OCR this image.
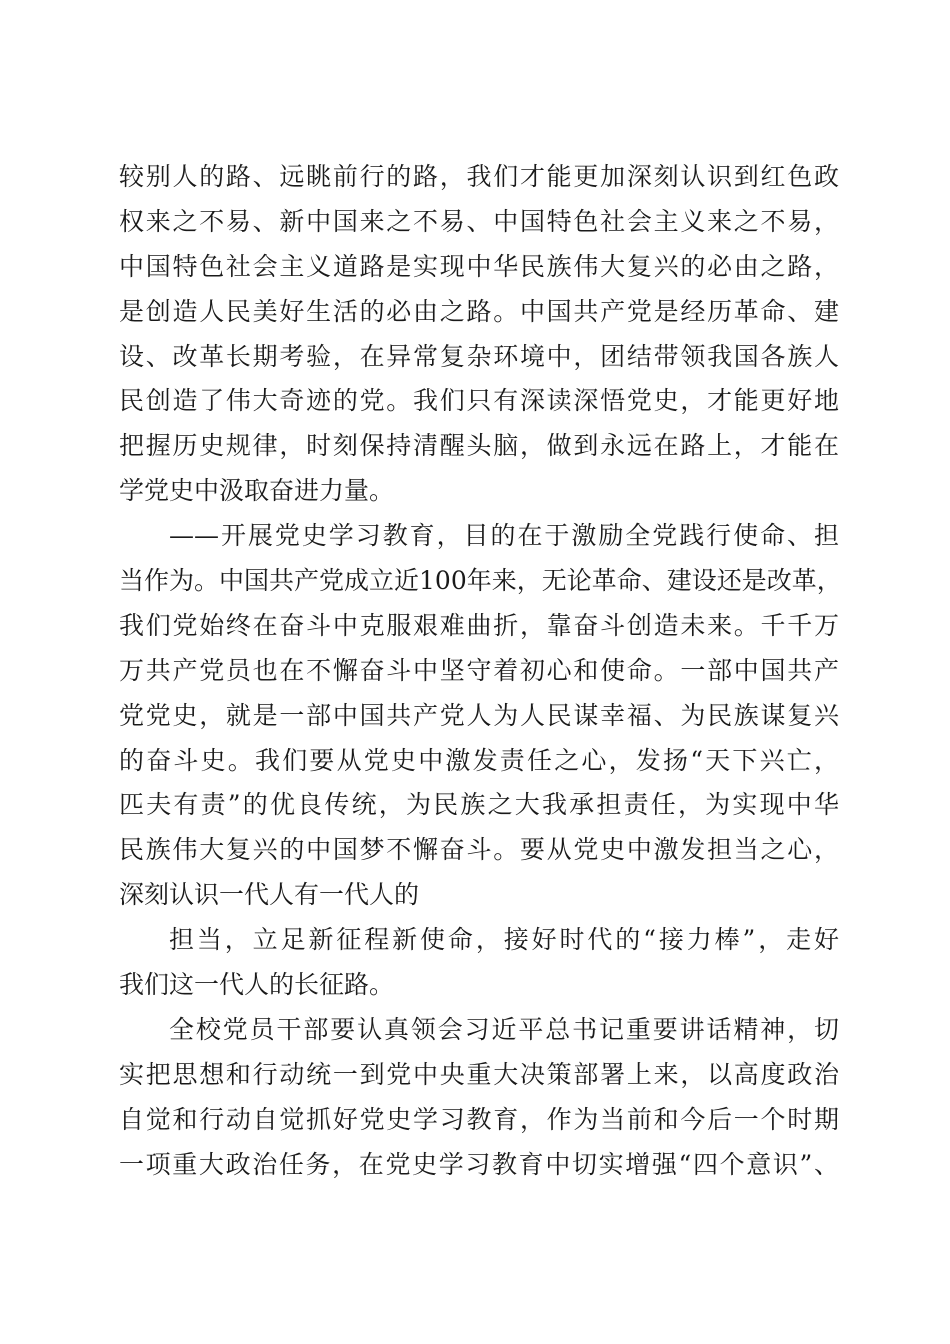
较别人的路、远眺前行的路，我们才能更加深刻认识到红色政
权来之不易、新中国来之不易、中国特色社会主义来之不易，
中国特色社会主义道路是实现中华民族伟大复兴的必由之路，
是创造人民美好生活的必由之路。中国共产党是经历革命、建
设、改革长期考验，在异常复杂环境中，团结带领我国各族人
民创造了伟大奇迹的党。我们只有深读深悟党史，才能更好地
把握历史规律，时刻保持清醒头脑，做到永远在路上，才能在
学党史中汲取奋进力量。
——开展党史学习教育，目的在于激励全党践行使命、担
当作为。中国共产党成立近100年来，无论革命、建设还是改革，
我们党始终在奋斗中克服艰难曲折，靠奋斗创造未来。千千万
万共产党员也在不懈奋斗中坚守着初心和使命。一部中国共产
党党史，就是一部中国共产党人为人民谋幸福、为民族谋复兴
的奋斗史。我们要从党史中激发责任之心，发扬“天下兴亡，
匹夫有责”的优良传统，为民族之大我承担责任，为实现中华
民族伟大复兴的中国梦不懈奋斗。要从党史中激发担当之心，
深刻认识一代人有一代人的
担当，立足新征程新使命，接好时代的“接力棒”，走好
我们这一代人的长征路。
全校党员干部要认真领会习近平总书记重要讲话精神，切
实把思想和行动统一到党中央重大决策部署上来，以高度政治
自觉和行动自觉抓好党史学习教育，作为当前和今后一个时期
一项重大政治任务，在党史学习教育中切实增强“四个意识”、
